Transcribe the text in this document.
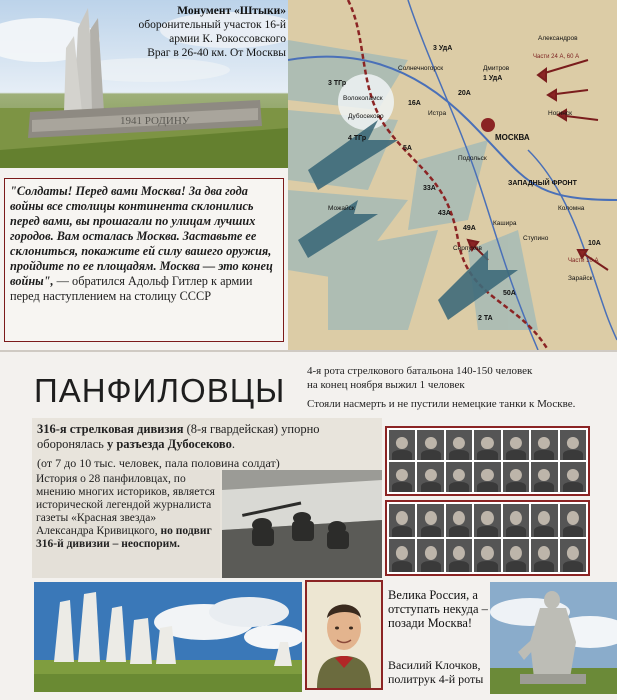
1941 РОДИНУ
Монумент «Штыки»
оборонительный участок 16-й
армии К. Рокоссовского
Враг в 26-40 км. От Москвы
"Солдаты! Перед вами Москва! За два года войны все столицы континента склонились перед вами, вы прошагали по улицам лучших городов. Вам осталась Москва. Заставьте ее склониться, покажите ей силу вашего оружия, пройдите по ее площадям. Москва — это конец войны", — обратился Адольф Гитлер к армии перед наступлением на столицу СССР
МОСКВА
Дубосеково
Волоколамск
ЗАПАДНЫЙ ФРОНТ
Кашира
Александров
Ногинск
Дмитров
Солнечногорск
Истра
Можайск
Серпухов
Коломна
Ступино
Подольск
Зарайск
3 УдА
1 УдА
20А
16А
5А
33А
43А
49А
50А
10А
3 ТГр
4 ТГр
2 ТА
Части 24 А, 60 А
Части 10 А
ПАНФИЛОВЦЫ
4-я рота стрелкового батальона 140-150 человек
на конец ноября выжил 1 человек
Стояли насмерть и не пустили немецкие танки к Москве.
316-я стрелковая дивизия (8-я гвардейская) упорно
оборонялась у разъезда Дубосеково.
(от 7 до 10 тыс. человек, пала половина солдат)
История о 28 панфиловцах, по мнению многих историков, является исторической легендой журналиста газеты «Красная звезда» Александра Кривицкого, но подвиг 316-й дивизии – неоспорим.
Велика Россия, а отступать некуда – позади Москва!
Василий Клочков,
политрук 4-й роты
